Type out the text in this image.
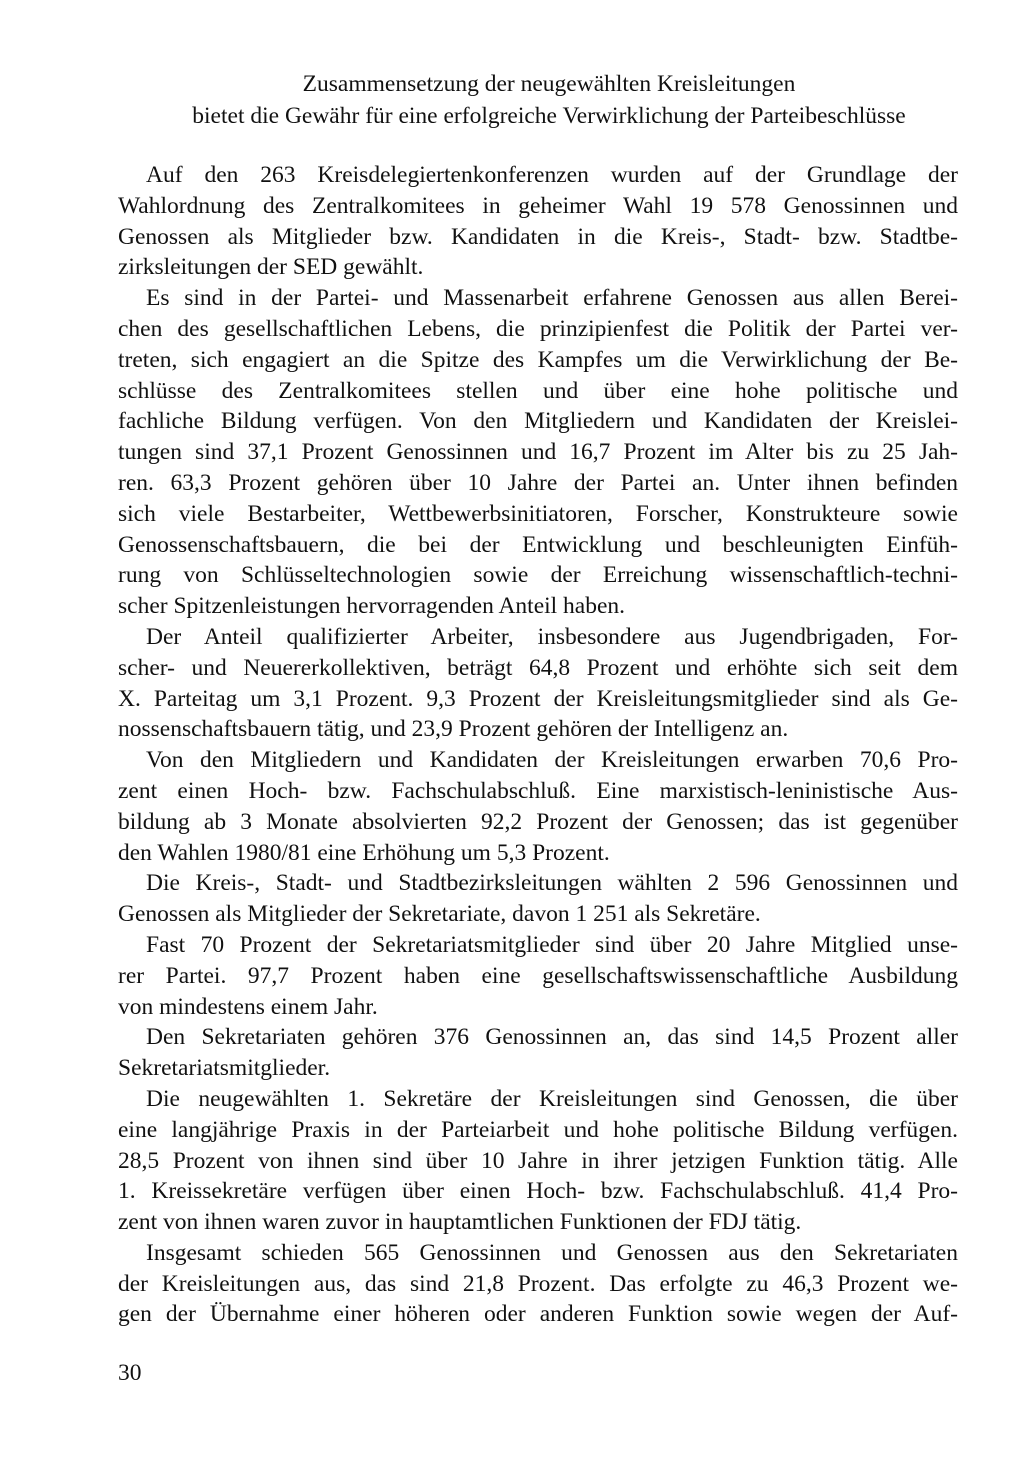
Zusammensetzung der neugewählten Kreisleitungen
bietet die Gewähr für eine erfolgreiche Verwirklichung der Parteibeschlüsse
Auf den 263 Kreisdelegiertenkonferenzen wurden auf der Grundlage der
Wahlordnung des Zentralkomitees in geheimer Wahl 19 578 Genossinnen und
Genossen als Mitglieder bzw. Kandidaten in die Kreis-, Stadt- bzw. Stadtbe-
zirksleitungen der SED gewählt.
Es sind in der Partei- und Massenarbeit erfahrene Genossen aus allen Berei-
chen des gesellschaftlichen Lebens, die prinzipienfest die Politik der Partei ver-
treten, sich engagiert an die Spitze des Kampfes um die Verwirklichung der Be-
schlüsse des Zentralkomitees stellen und über eine hohe politische und
fachliche Bildung verfügen. Von den Mitgliedern und Kandidaten der Kreislei-
tungen sind 37,1 Prozent Genossinnen und 16,7 Prozent im Alter bis zu 25 Jah-
ren. 63,3 Prozent gehören über 10 Jahre der Partei an. Unter ihnen befinden
sich viele Bestarbeiter, Wettbewerbsinitiatoren, Forscher, Konstrukteure sowie
Genossenschaftsbauern, die bei der Entwicklung und beschleunigten Einfüh-
rung von Schlüsseltechnologien sowie der Erreichung wissenschaftlich-techni-
scher Spitzenleistungen hervorragenden Anteil haben.
Der Anteil qualifizierter Arbeiter, insbesondere aus Jugendbrigaden, For-
scher- und Neuererkollektiven, beträgt 64,8 Prozent und erhöhte sich seit dem
X. Parteitag um 3,1 Prozent. 9,3 Prozent der Kreisleitungsmitglieder sind als Ge-
nossenschaftsbauern tätig, und 23,9 Prozent gehören der Intelligenz an.
Von den Mitgliedern und Kandidaten der Kreisleitungen erwarben 70,6 Pro-
zent einen Hoch- bzw. Fachschulabschluß. Eine marxistisch-leninistische Aus-
bildung ab 3 Monate absolvierten 92,2 Prozent der Genossen; das ist gegenüber
den Wahlen 1980/81 eine Erhöhung um 5,3 Prozent.
Die Kreis-, Stadt- und Stadtbezirksleitungen wählten 2 596 Genossinnen und
Genossen als Mitglieder der Sekretariate, davon 1 251 als Sekretäre.
Fast 70 Prozent der Sekretariatsmitglieder sind über 20 Jahre Mitglied unse-
rer Partei. 97,7 Prozent haben eine gesellschaftswissenschaftliche Ausbildung
von mindestens einem Jahr.
Den Sekretariaten gehören 376 Genossinnen an, das sind 14,5 Prozent aller
Sekretariatsmitglieder.
Die neugewählten 1. Sekretäre der Kreisleitungen sind Genossen, die über
eine langjährige Praxis in der Parteiarbeit und hohe politische Bildung verfügen.
28,5 Prozent von ihnen sind über 10 Jahre in ihrer jetzigen Funktion tätig. Alle
1. Kreissekretäre verfügen über einen Hoch- bzw. Fachschulabschluß. 41,4 Pro-
zent von ihnen waren zuvor in hauptamtlichen Funktionen der FDJ tätig.
Insgesamt schieden 565 Genossinnen und Genossen aus den Sekretariaten
der Kreisleitungen aus, das sind 21,8 Prozent. Das erfolgte zu 46,3 Prozent we-
gen der Übernahme einer höheren oder anderen Funktion sowie wegen der Auf-
30
